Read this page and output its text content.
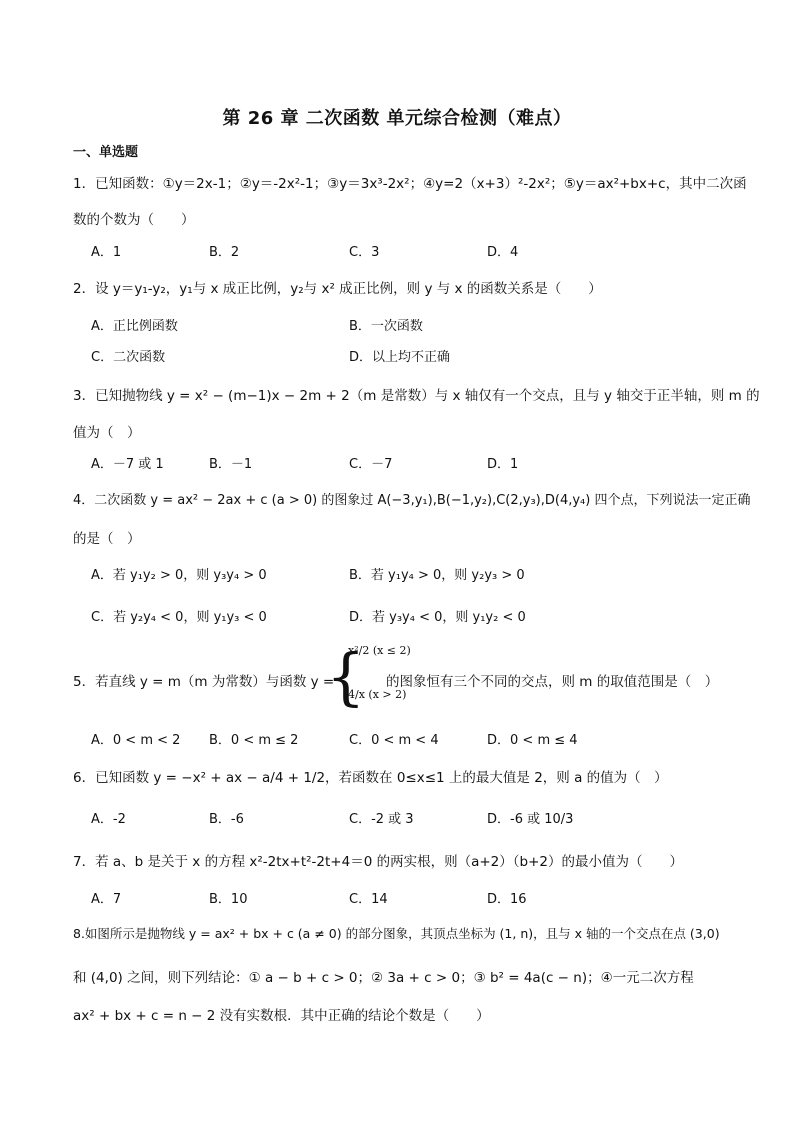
第 26 章 二次函数 单元综合检测（难点）
一、单选题
1．已知函数：①y＝2x-1；②y＝-2x²-1；③y＝3x³-2x²；④y=2（x+3）²-2x²；⑤y＝ax²+bx+c，其中二次函
数的个数为（　　）
A．1	B．2	C．3	D．4
2．设 y＝y₁-y₂，y₁与 x 成正比例，y₂与 x² 成正比例，则 y 与 x 的函数关系是（　　）
A．正比例函数	B．一次函数
C．二次函数	D．以上均不正确
3．已知抛物线 y = x² − (m−1)x − 2m + 2（m 是常数）与 x 轴仅有一个交点，且与 y 轴交于正半轴，则 m 的
值为（　）
A．－7 或 1	B．－1	C．－7	D．1
4．二次函数 y = ax² − 2ax + c (a > 0) 的图象过 A(−3,y₁),B(−1,y₂),C(2,y₃),D(4,y₄) 四个点，下列说法一定正确
的是（　）
A．若 y₁y₂ > 0，则 y₃y₄ > 0	B．若 y₁y₄ > 0，则 y₂y₃ > 0
C．若 y₂y₄ < 0，则 y₁y₃ < 0	D．若 y₃y₄ < 0，则 y₁y₂ < 0
5．若直线 y = m（m 为常数）与函数 y =
{
x²/2 (x ≤ 2)
4/x (x > 2)
的图象恒有三个不同的交点，则 m 的取值范围是（　）
A．0 < m < 2 B．0 < m ≤ 2	C．0 < m < 4	D．0 < m ≤ 4
6．已知函数 y = −x² + ax − a/4 + 1/2，若函数在 0≤x≤1 上的最大值是 2，则 a 的值为（　）
A．-2	B．-6	C．-2 或 3	D．-6 或 10/3
7．若 a、b 是关于 x 的方程 x²-2tx+t²-2t+4＝0 的两实根，则（a+2）（b+2）的最小值为（　　）
A．7	B．10	C．14	D．16
8.如图所示是抛物线 y = ax² + bx + c (a ≠ 0) 的部分图象，其顶点坐标为 (1, n)，且与 x 轴的一个交点在点 (3,0)
和 (4,0) 之间，则下列结论：① a − b + c > 0；② 3a + c > 0；③ b² = 4a(c − n)；④一元二次方程
ax² + bx + c = n − 2 没有实数根．其中正确的结论个数是（　　）
